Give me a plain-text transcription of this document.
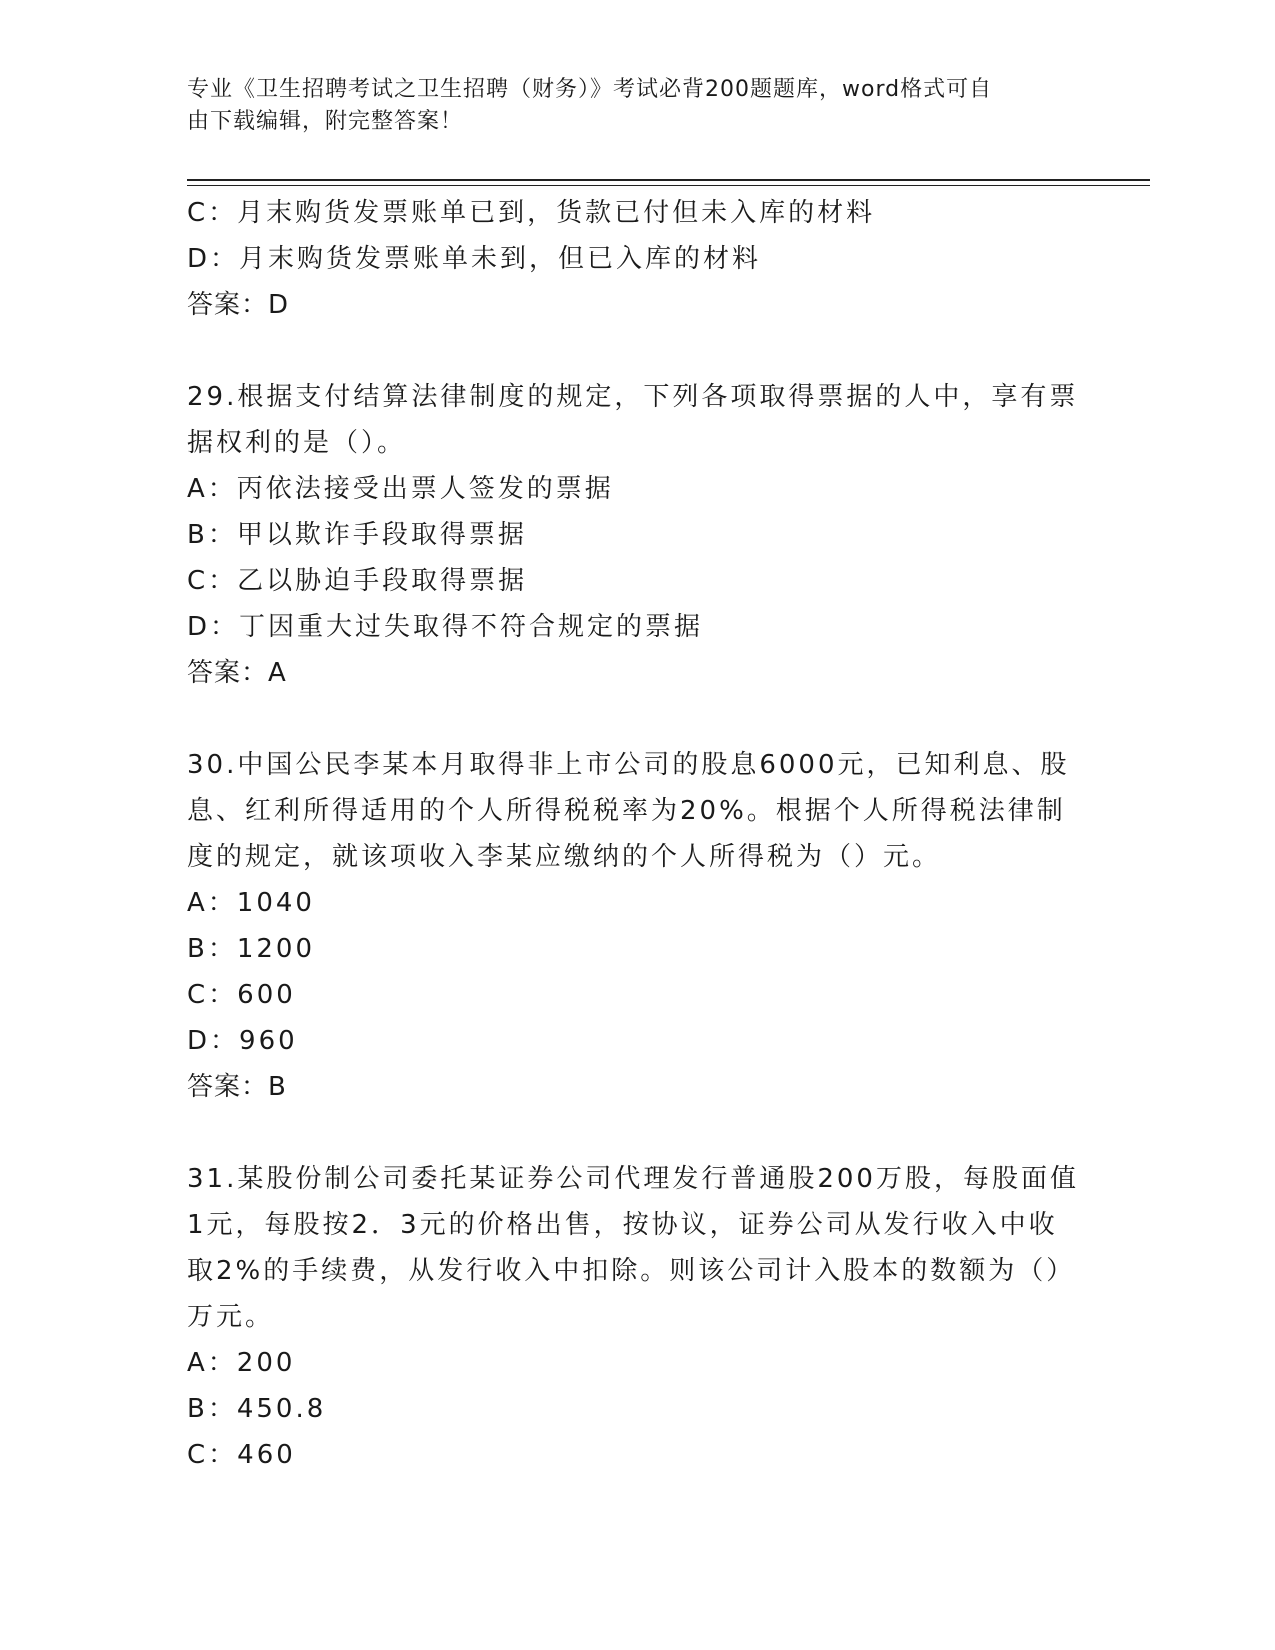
专业《卫生招聘考试之卫生招聘（财务）》考试必背200题题库，word格式可自
由下载编辑，附完整答案！
C：月末购货发票账单已到，货款已付但未入库的材料
D：月末购货发票账单未到，但已入库的材料
答案：D
29.根据支付结算法律制度的规定，下列各项取得票据的人中，享有票
据权利的是（）。
A：丙依法接受出票人签发的票据
B：甲以欺诈手段取得票据
C：乙以胁迫手段取得票据
D：丁因重大过失取得不符合规定的票据
答案：A
30.中国公民李某本月取得非上市公司的股息6000元，已知利息、股
息、红利所得适用的个人所得税税率为20%。根据个人所得税法律制
度的规定，就该项收入李某应缴纳的个人所得税为（）元。
A：1040
B：1200
C：600
D：960
答案：B
31.某股份制公司委托某证券公司代理发行普通股200万股，每股面值
1元，每股按2．3元的价格出售，按协议，证券公司从发行收入中收
取2%的手续费，从发行收入中扣除。则该公司计入股本的数额为（）
万元。
A：200
B：450.8
C：460
